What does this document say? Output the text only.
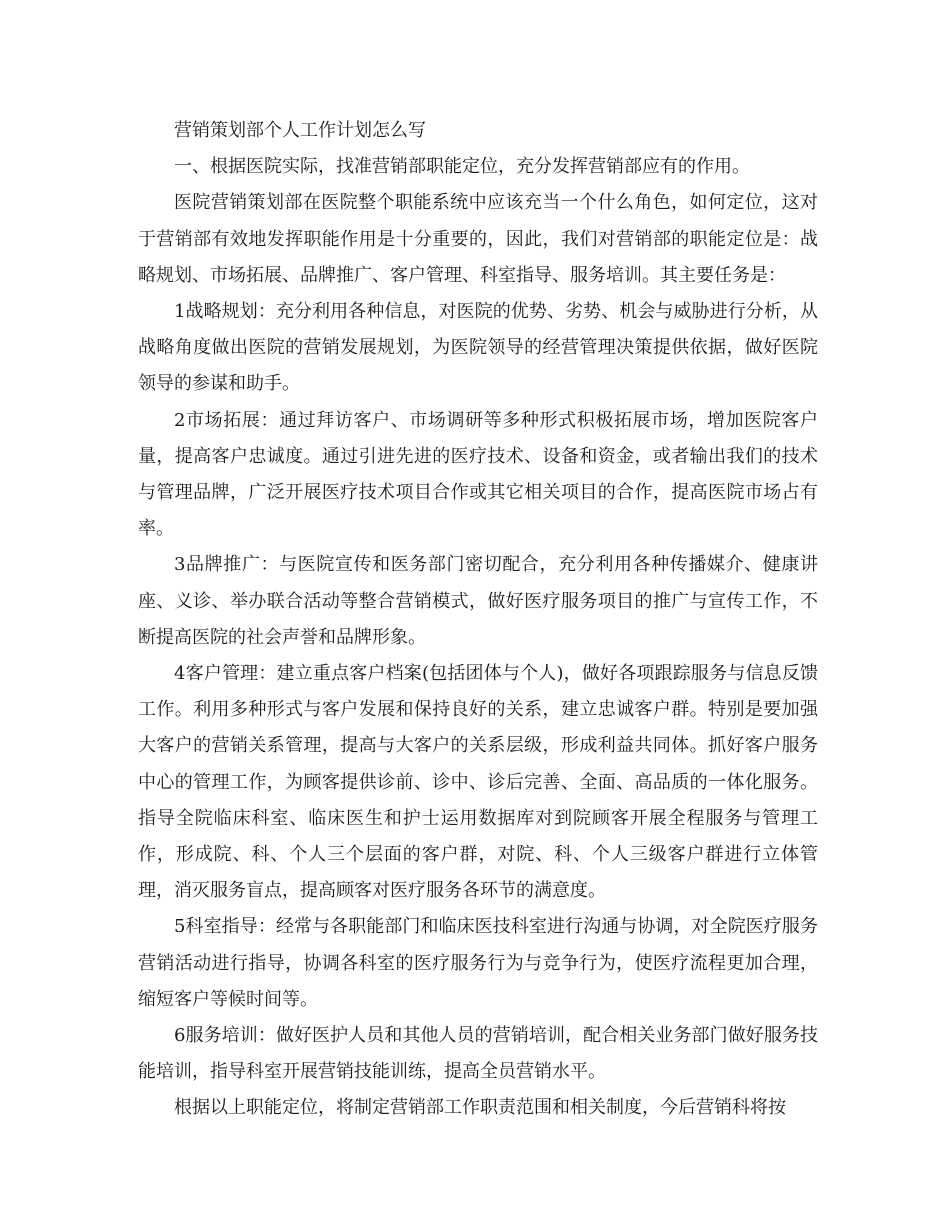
营销策划部个人工作计划怎么写

一、根据医院实际，找准营销部职能定位，充分发挥营销部应有的作用。

医院营销策划部在医院整个职能系统中应该充当一个什么角色，如何定位，这对于营销部有效地发挥职能作用是十分重要的，因此，我们对营销部的职能定位是：战略规划、市场拓展、品牌推广、客户管理、科室指导、服务培训。其主要任务是：

1战略规划：充分利用各种信息，对医院的优势、劣势、机会与威胁进行分析，从战略角度做出医院的营销发展规划，为医院领导的经营管理决策提供依据，做好医院领导的参谋和助手。

2市场拓展：通过拜访客户、市场调研等多种形式积极拓展市场，增加医院客户量，提高客户忠诚度。通过引进先进的医疗技术、设备和资金，或者输出我们的技术与管理品牌，广泛开展医疗技术项目合作或其它相关项目的合作，提高医院市场占有率。

3品牌推广：与医院宣传和医务部门密切配合，充分利用各种传播媒介、健康讲座、义诊、举办联合活动等整合营销模式，做好医疗服务项目的推广与宣传工作，不断提高医院的社会声誉和品牌形象。

4客户管理：建立重点客户档案(包括团体与个人)，做好各项跟踪服务与信息反馈工作。利用多种形式与客户发展和保持良好的关系，建立忠诚客户群。特别是要加强大客户的营销关系管理，提高与大客户的关系层级，形成利益共同体。抓好客户服务中心的管理工作，为顾客提供诊前、诊中、诊后完善、全面、高品质的一体化服务。指导全院临床科室、临床医生和护士运用数据库对到院顾客开展全程服务与管理工作，形成院、科、个人三个层面的客户群，对院、科、个人三级客户群进行立体管理，消灭服务盲点，提高顾客对医疗服务各环节的满意度。

5科室指导：经常与各职能部门和临床医技科室进行沟通与协调，对全院医疗服务营销活动进行指导，协调各科室的医疗服务行为与竞争行为，使医疗流程更加合理，缩短客户等候时间等。

6服务培训：做好医护人员和其他人员的营销培训，配合相关业务部门做好服务技能培训，指导科室开展营销技能训练，提高全员营销水平。

根据以上职能定位，将制定营销部工作职责范围和相关制度，今后营销科将按
